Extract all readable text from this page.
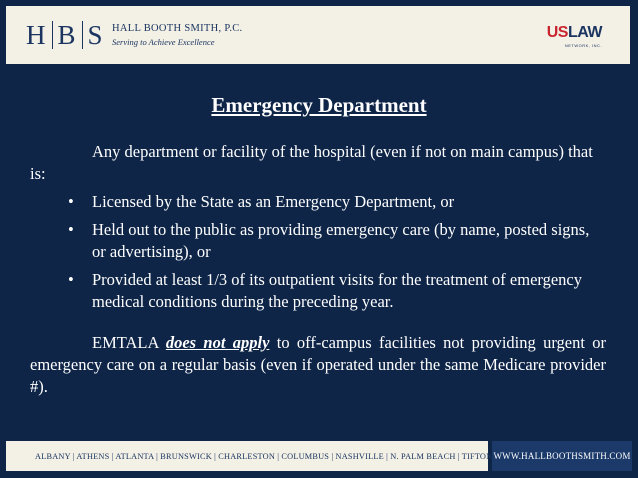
H B S HALL BOOTH SMITH, P.C.
Serving to Achieve Excellence
USLAW
NETWORK, INC.
Emergency Department

Any department or facility of the hospital (even if not on main campus) that is:

• Licensed by the State as an Emergency Department, or
• Held out to the public as providing emergency care (by name, posted signs, or advertising), or
• Provided at least 1/3 of its outpatient visits for the treatment of emergency medical conditions during the preceding year.

EMTALA does not apply to off-campus facilities not providing urgent or emergency care on a regular basis (even if operated under the same Medicare provider #).

ALBANY | ATHENS | ATLANTA | BRUNSWICK | CHARLESTON | COLUMBUS | NASHVILLE | N. PALM BEACH | TIFTON WWW.HALLBOOTHSMITH.COM
